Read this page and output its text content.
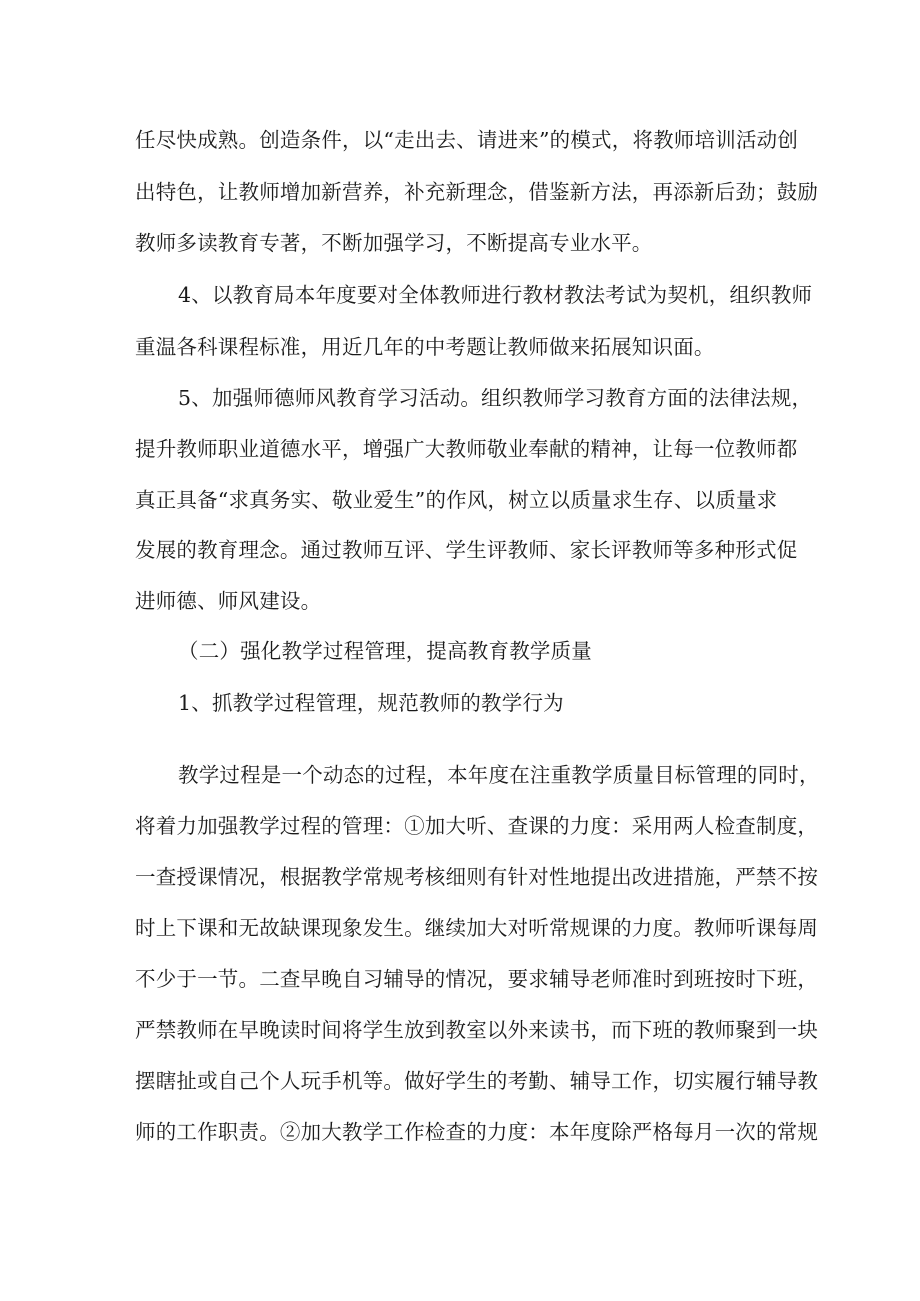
任尽快成熟。创造条件，以“走出去、请进来”的模式，将教师培训活动创
出特色，让教师增加新营养，补充新理念，借鉴新方法，再添新后劲；鼓励
教师多读教育专著，不断加强学习，不断提高专业水平。
4、以教育局本年度要对全体教师进行教材教法考试为契机，组织教师
重温各科课程标准，用近几年的中考题让教师做来拓展知识面。
5、加强师德师风教育学习活动。组织教师学习教育方面的法律法规，
提升教师职业道德水平，增强广大教师敬业奉献的精神，让每一位教师都
真正具备“求真务实、敬业爱生”的作风，树立以质量求生存、以质量求
发展的教育理念。通过教师互评、学生评教师、家长评教师等多种形式促
进师德、师风建设。
（二）强化教学过程管理，提高教育教学质量
1、抓教学过程管理，规范教师的教学行为
教学过程是一个动态的过程，本年度在注重教学质量目标管理的同时，
将着力加强教学过程的管理：①加大听、查课的力度：采用两人检查制度，
一查授课情况，根据教学常规考核细则有针对性地提出改进措施，严禁不按
时上下课和无故缺课现象发生。继续加大对听常规课的力度。教师听课每周
不少于一节。二查早晚自习辅导的情况，要求辅导老师准时到班按时下班，
严禁教师在早晚读时间将学生放到教室以外来读书，而下班的教师聚到一块
摆瞎扯或自己个人玩手机等。做好学生的考勤、辅导工作，切实履行辅导教
师的工作职责。②加大教学工作检查的力度：本年度除严格每月一次的常规
